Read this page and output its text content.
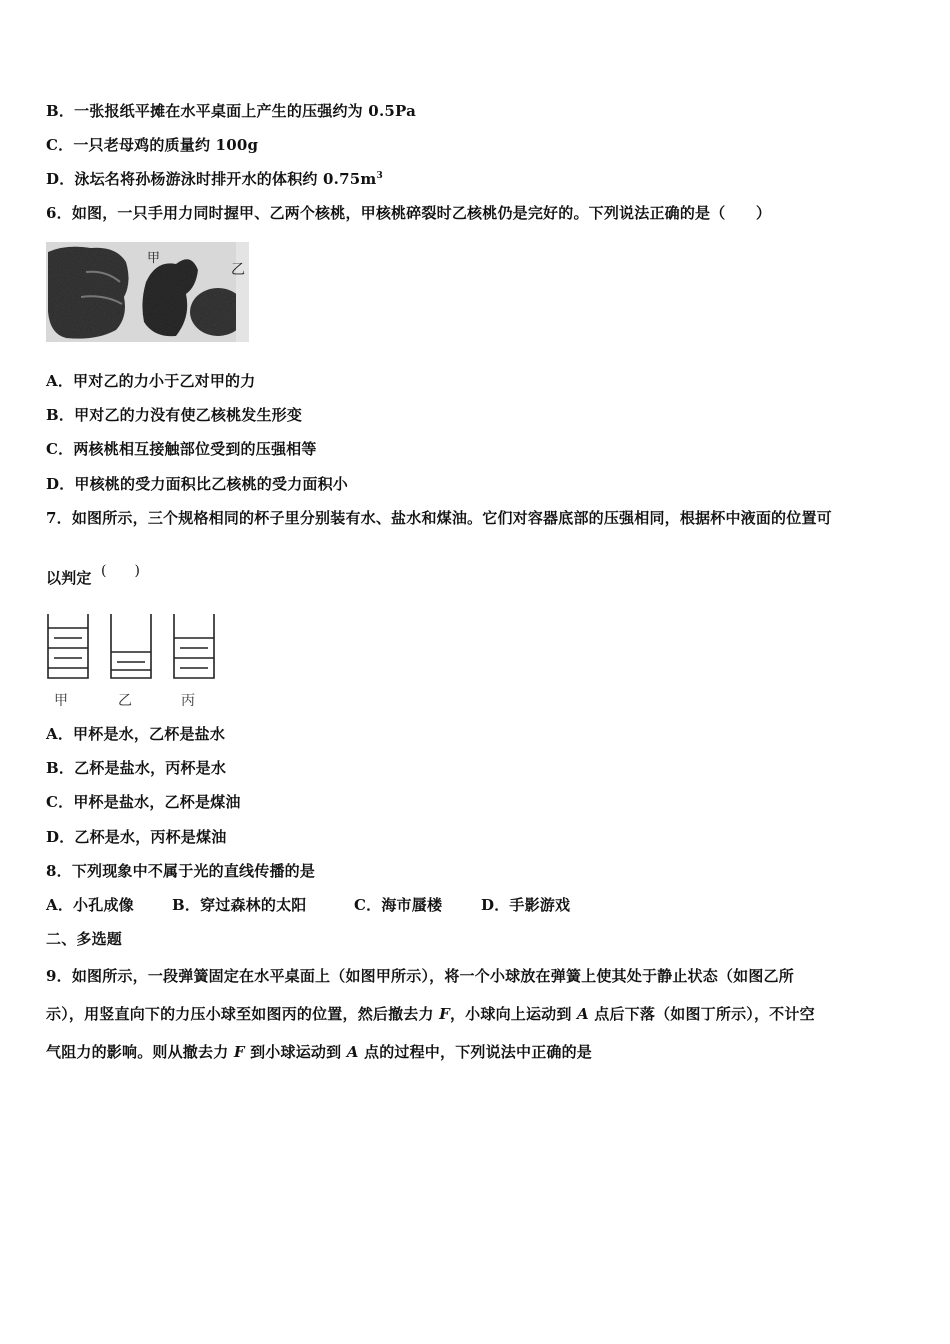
B．一张报纸平摊在水平桌面上产生的压强约为 0.5Pa
C．一只老母鸡的质量约 100g
D．泳坛名将孙杨游泳时排开水的体积约 $0.75m^3$
6．如图，一只手用力同时握甲、乙两个核桃，甲核桃碎裂时乙核桃仍是完好的。下列说法正确的是（　　）
甲
乙
A．甲对乙的力小于乙对甲的力
B．甲对乙的力没有使乙核桃发生形变
C．两核桃相互接触部位受到的压强相等
D．甲核桃的受力面积比乙核桃的受力面积小
7．如图所示，三个规格相同的杯子里分别装有水、盐水和煤油。它们对容器底部的压强相同，根据杯中液面的位置可
以判定 (　　)
甲	乙	丙
A．甲杯是水，乙杯是盐水
B．乙杯是盐水，丙杯是水
C．甲杯是盐水，乙杯是煤油
D．乙杯是水，丙杯是煤油
8．下列现象中不属于光的直线传播的是
A．小孔成像	B．穿过森林的太阳	C．海市蜃楼	D．手影游戏
二、多选题
9．如图所示，一段弹簧固定在水平桌面上（如图甲所示），将一个小球放在弹簧上使其处于静止状态（如图乙所
示），用竖直向下的力压小球至如图丙的位置，然后撤去力 F，小球向上运动到 A 点后下落（如图丁所示），不计空
气阻力的影响。则从撤去力 F 到小球运动到 A 点的过程中，下列说法中正确的是
